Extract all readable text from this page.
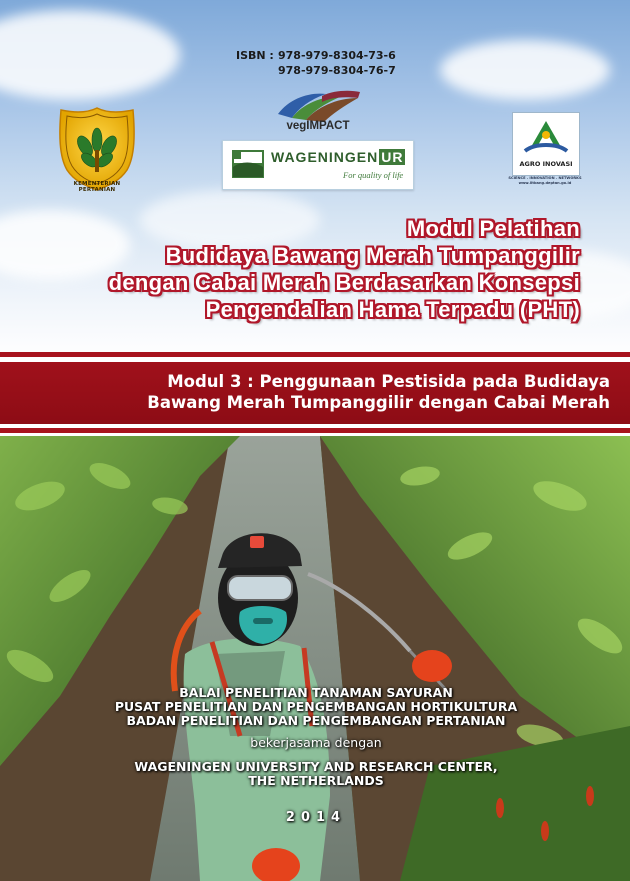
ISBN : 978-979-8304-73-6
978-979-8304-76-7
KEMENTERIAN
PERTANIAN
vegIMPACT
WAGENINGEN UR
For quality of life
AGRO INOVASI
SCIENCE . INNOVATION . NETWORKS
www.litbang.deptan.go.id
Modul Pelatihan
Budidaya Bawang Merah Tumpanggilir
dengan Cabai Merah Berdasarkan Konsepsi
Pengendalian Hama Terpadu (PHT)
Modul 3 : Penggunaan Pestisida pada Budidaya
Bawang Merah Tumpanggilir dengan Cabai Merah
BALAI PENELITIAN TANAMAN SAYURAN
PUSAT PENELITIAN DAN PENGEMBANGAN HORTIKULTURA
BADAN PENELITIAN DAN PENGEMBANGAN PERTANIAN
bekerjasama dengan
WAGENINGEN UNIVERSITY AND RESEARCH CENTER,
THE NETHERLANDS
2014
